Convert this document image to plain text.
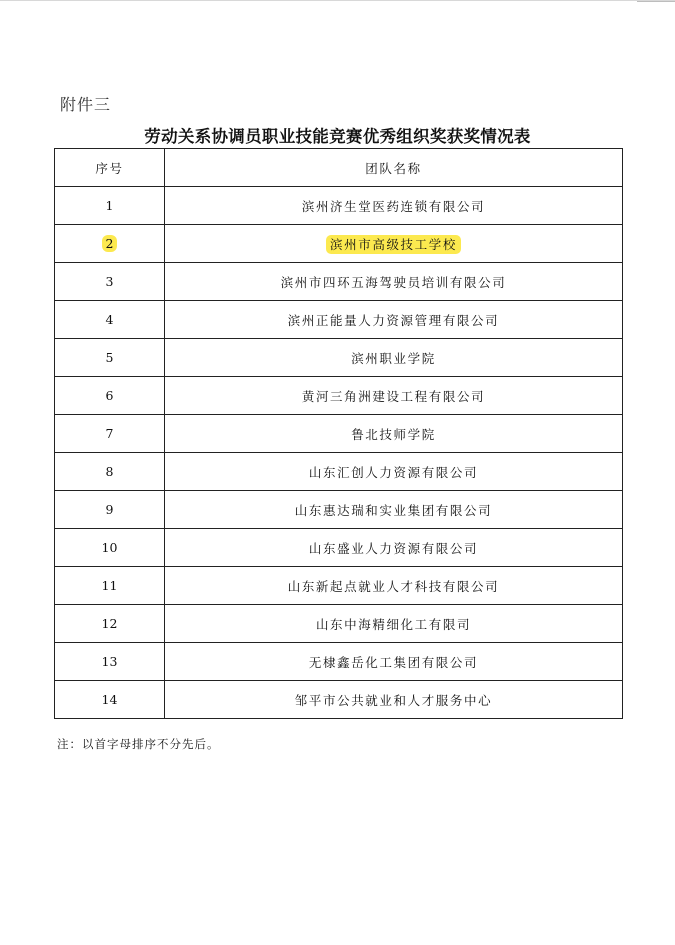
附件三
劳动关系协调员职业技能竞赛优秀组织奖获奖情况表
序号	团队名称
1	滨州济生堂医药连锁有限公司
2	滨州市高级技工学校
3	滨州市四环五海驾驶员培训有限公司
4	滨州正能量人力资源管理有限公司
5	滨州职业学院
6	黄河三角洲建设工程有限公司
7	鲁北技师学院
8	山东汇创人力资源有限公司
9	山东惠达瑞和实业集团有限公司
10	山东盛业人力资源有限公司
11	山东新起点就业人才科技有限公司
12	山东中海精细化工有限司
13	无棣鑫岳化工集团有限公司
14	邹平市公共就业和人才服务中心
注：以首字母排序不分先后。
